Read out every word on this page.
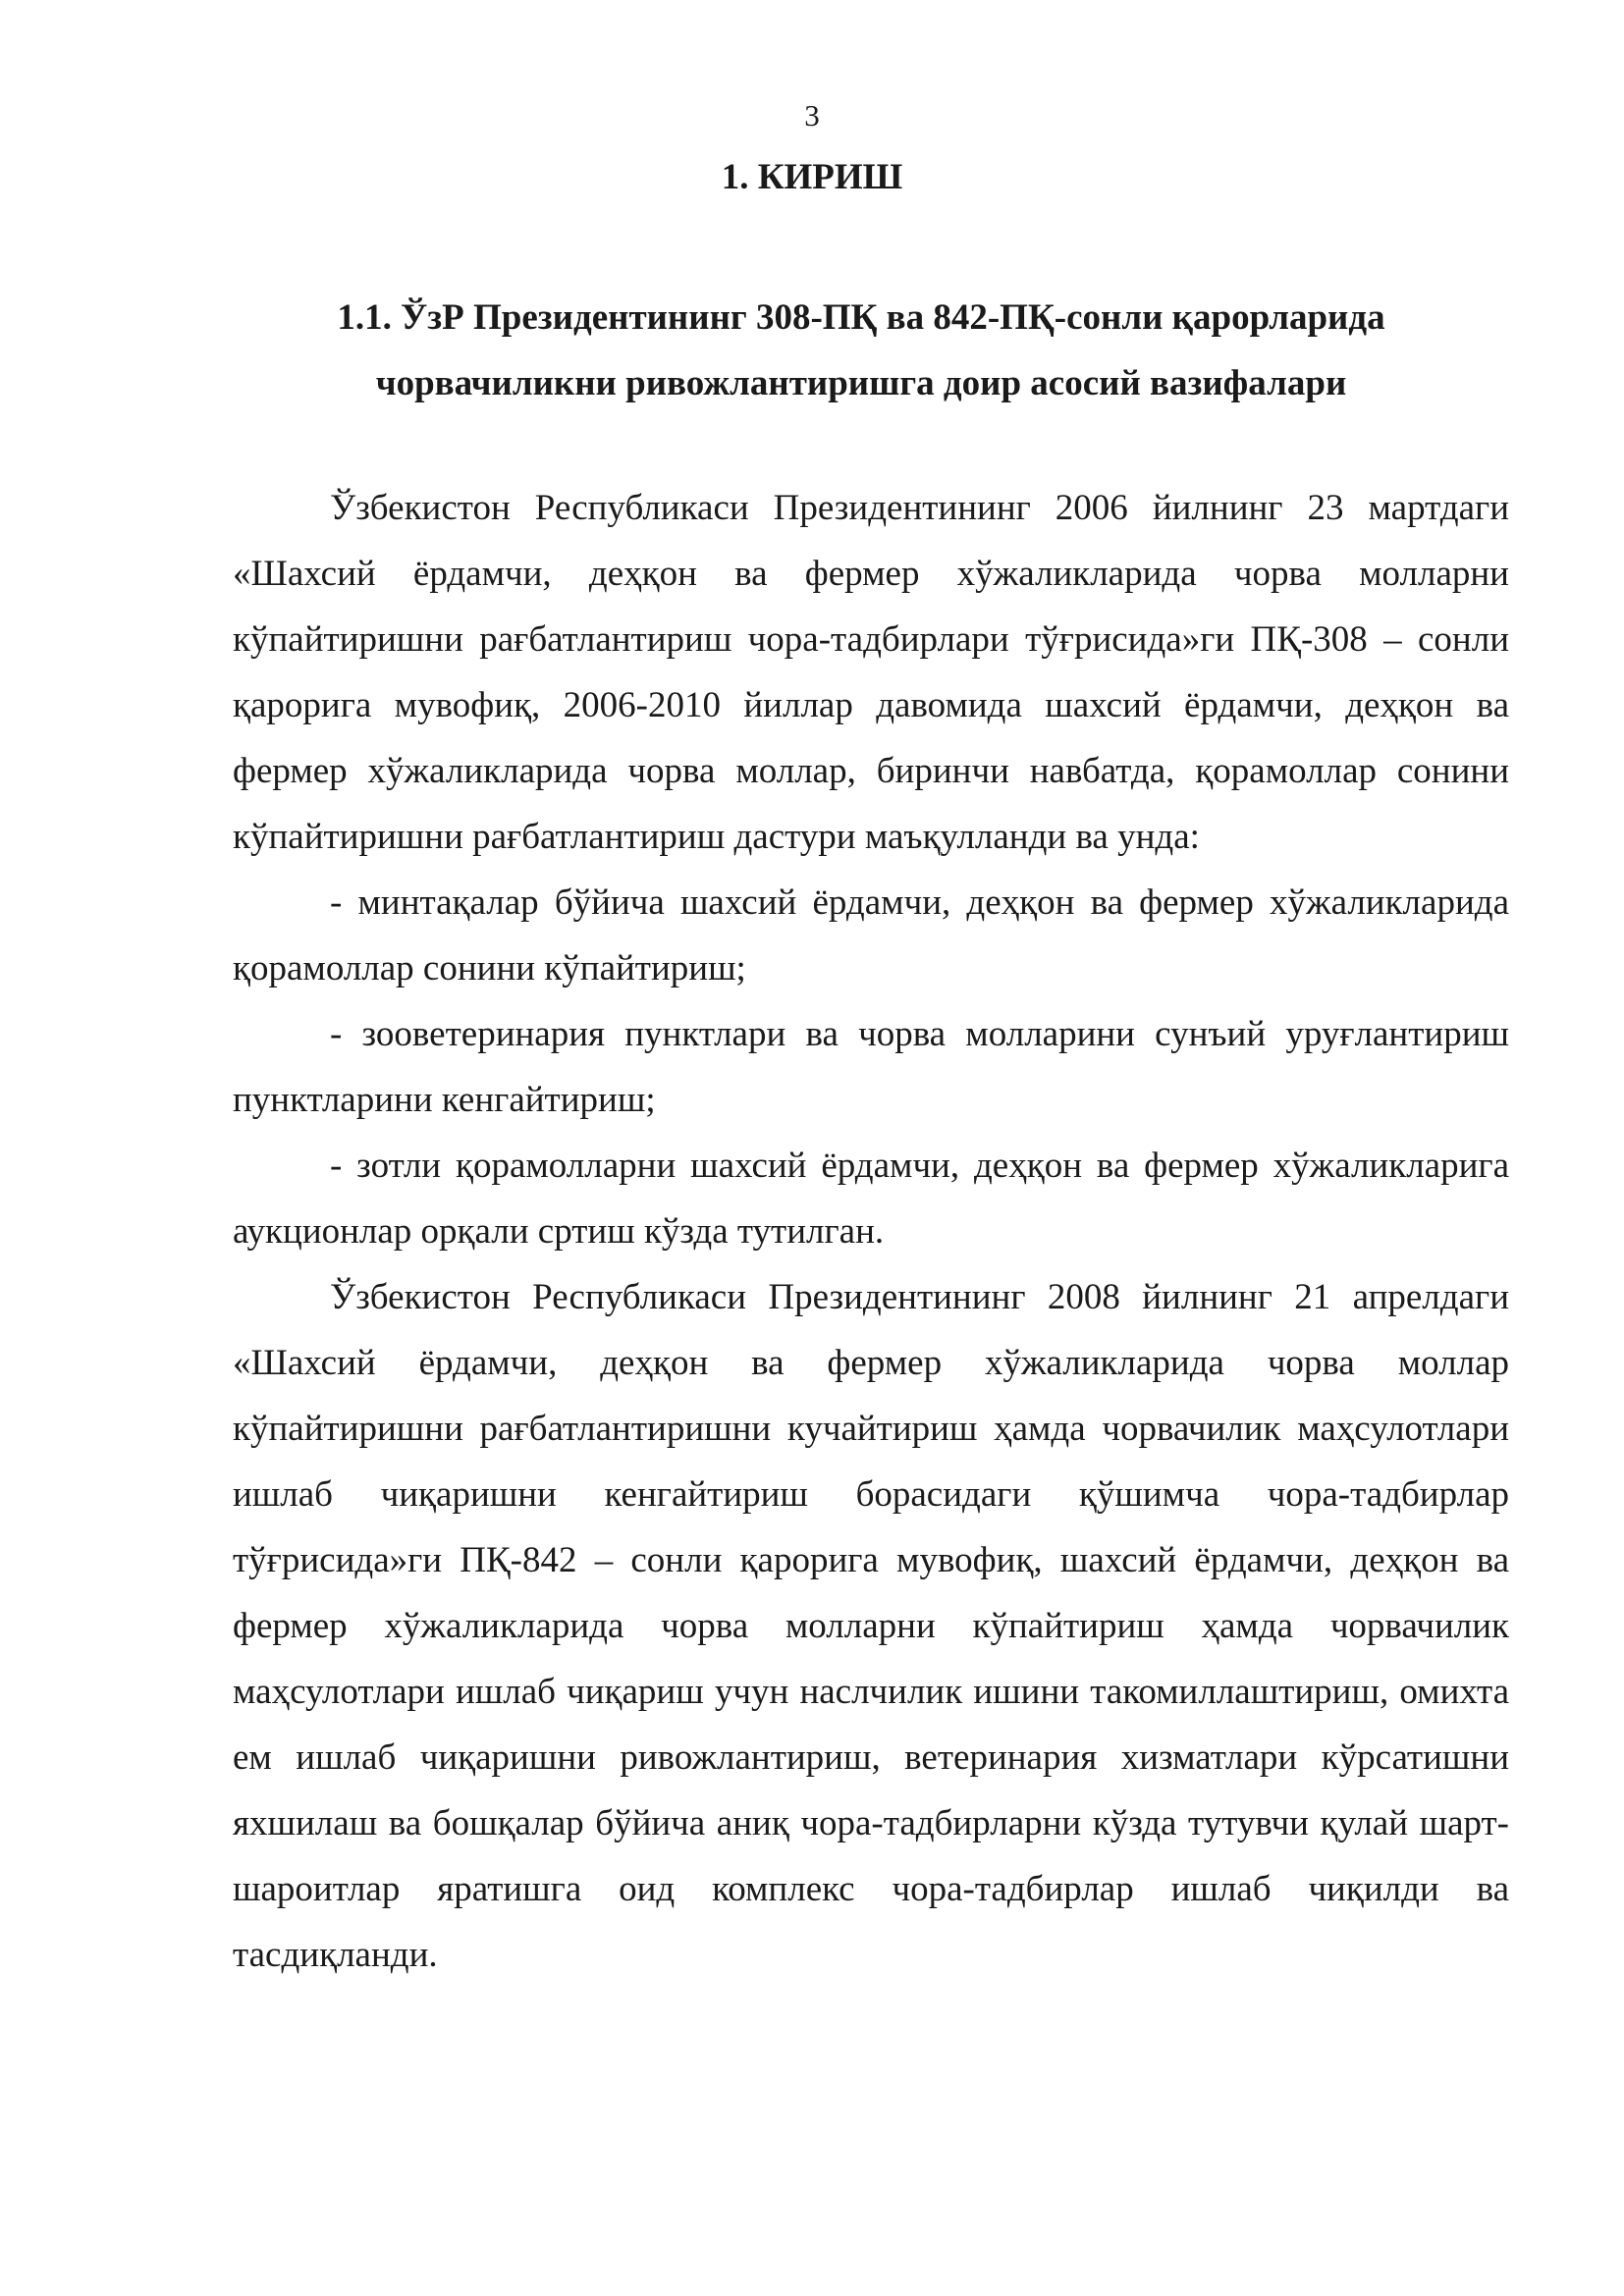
3
1. КИРИШ
1.1. ЎзР Президентининг 308-ПҚ ва 842-ПҚ-сонли қарорларида
чорвачиликни ривожлантиришга доир асосий вазифалари

Ўзбекистон Республикаси Президентининг 2006 йилнинг 23 мартдаги «Шахсий ёрдамчи, деҳқон ва фермер хўжаликларида чорва молларни кўпайтиришни рағбатлантириш чора-тадбирлари тўғрисида»ги ПҚ-308 – сонли қарорига мувофиқ, 2006-2010 йиллар давомида шахсий ёрдамчи, деҳқон ва фермер хўжаликларида чорва моллар, биринчи навбатда, қорамоллар сонини кўпайтиришни рағбатлантириш дастури маъқулланди ва унда:

- минтақалар бўйича шахсий ёрдамчи, деҳқон ва фермер хўжаликларида қорамоллар сонини кўпайтириш;

- зооветеринария пунктлари ва чорва молларини сунъий уруғлантириш пунктларини кенгайтириш;

- зотли қорамолларни шахсий ёрдамчи, деҳқон ва фермер хўжаликларига аукционлар орқали сртиш кўзда тутилган.

Ўзбекистон Республикаси Президентининг 2008 йилнинг 21 апрелдаги «Шахсий ёрдамчи, деҳқон ва фермер хўжаликларида чорва моллар кўпайтиришни рағбатлантиришни кучайтириш ҳамда чорвачилик маҳсулотлари ишлаб чиқаришни кенгайтириш борасидаги қўшимча чора-тадбирлар тўғрисида»ги ПҚ-842 – сонли қарорига мувофиқ, шахсий ёрдамчи, деҳқон ва фермер хўжаликларида чорва молларни кўпайтириш ҳамда чорвачилик маҳсулотлари ишлаб чиқариш учун наслчилик ишини такомиллаштириш, омихта ем ишлаб чиқаришни ривожлантириш, ветеринария хизматлари кўрсатишни яхшилаш ва бошқалар бўйича аниқ чора-тадбирларни кўзда тутувчи қулай шарт-шароитлар яратишга оид комплекс чора-тадбирлар ишлаб чиқилди ва тасдиқланди.
